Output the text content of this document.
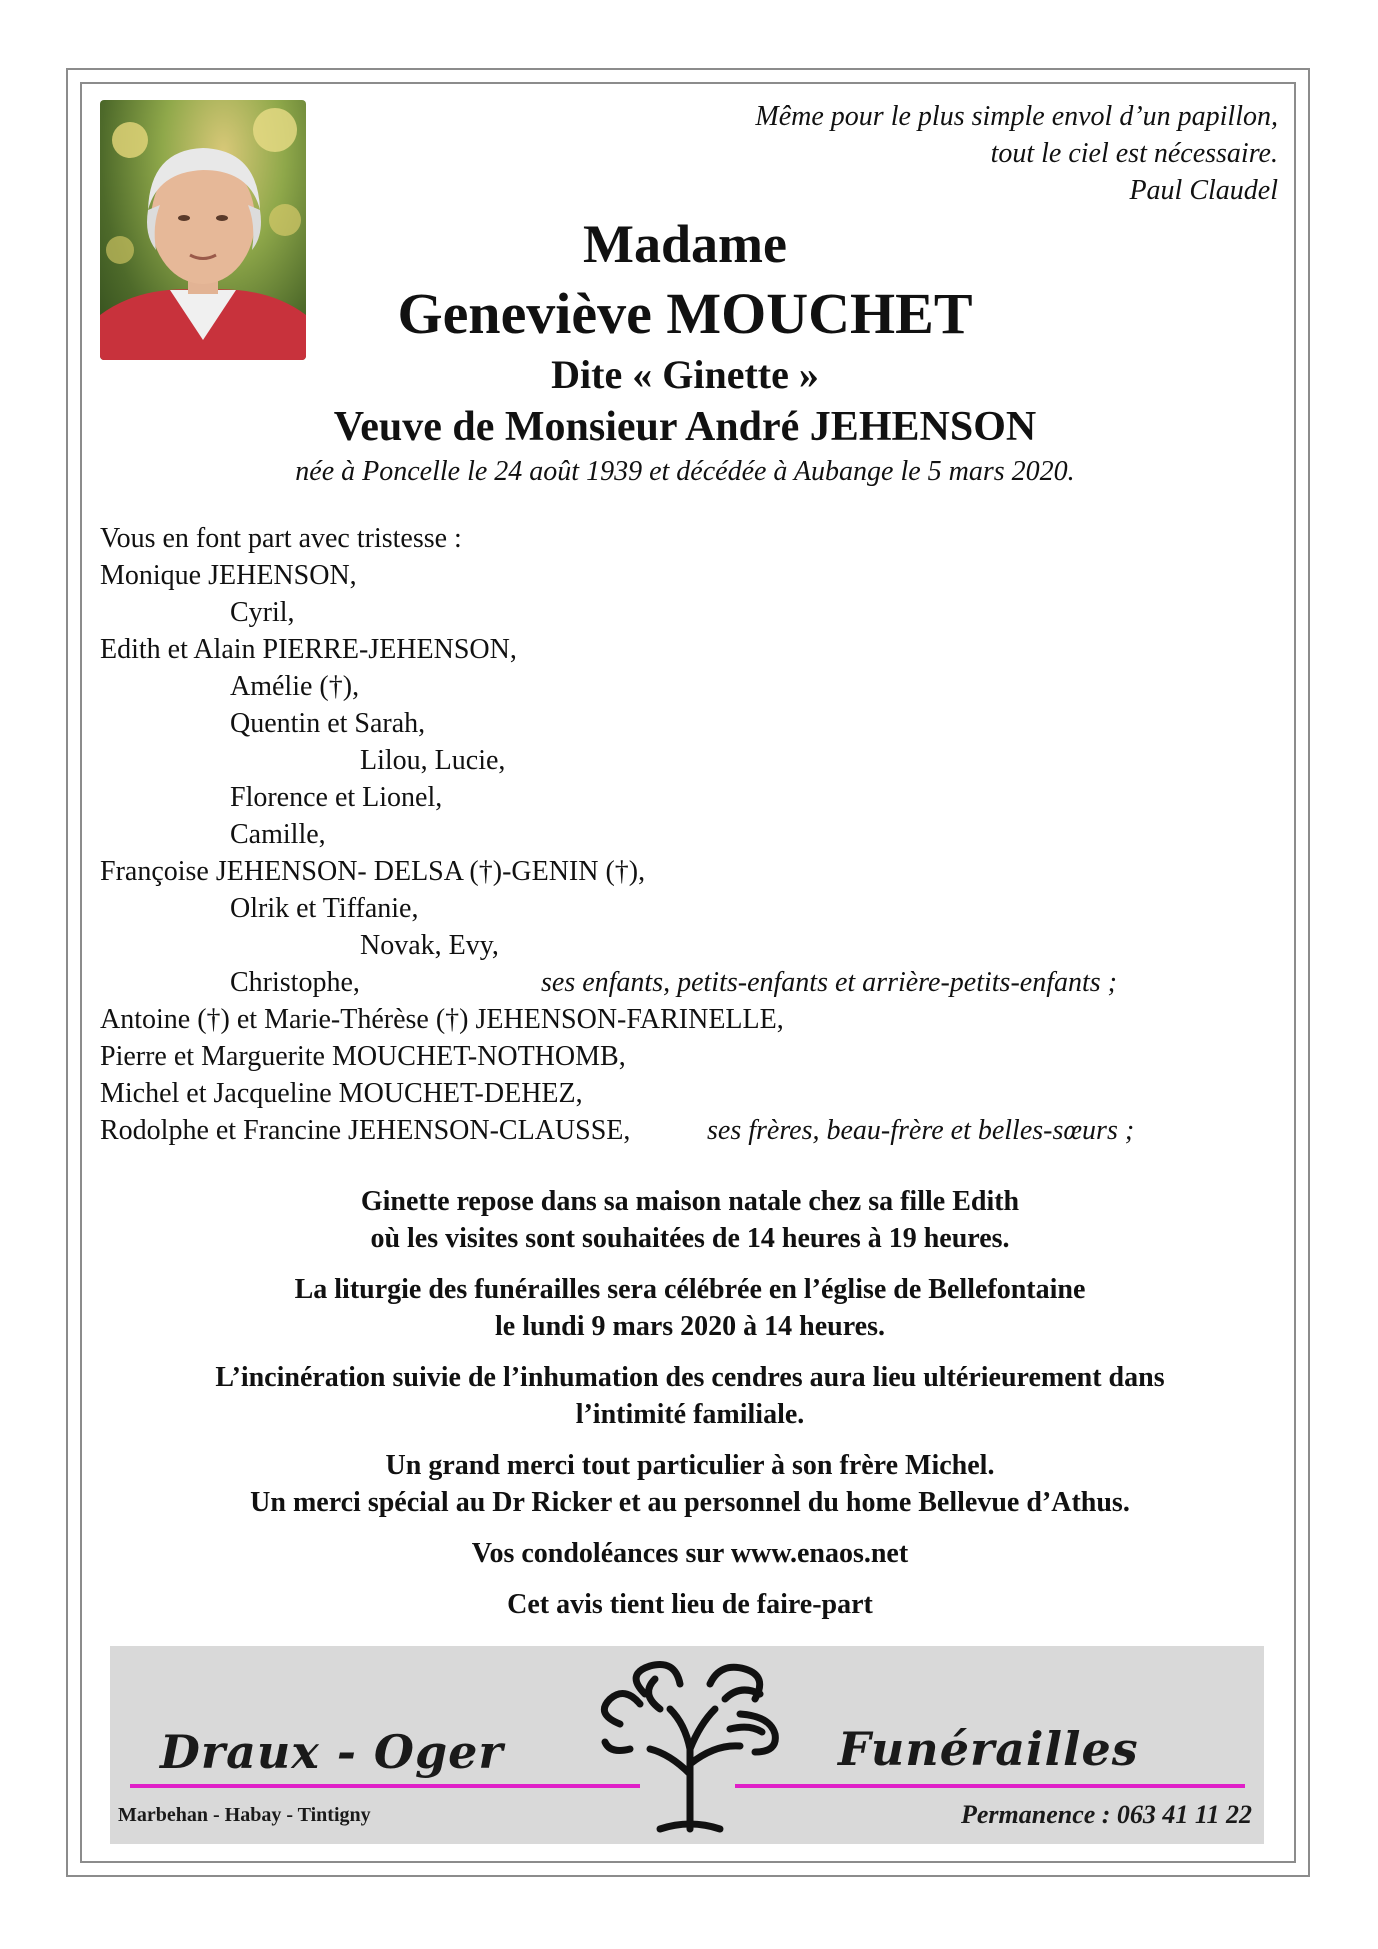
Même pour le plus simple envol d’un papillon,
tout le ciel est nécessaire.
Paul Claudel
Madame
Geneviève MOUCHET
Dite « Ginette »
Veuve de Monsieur André JEHENSON
née à Poncelle le 24 août 1939 et décédée à Aubange le 5 mars 2020.
Vous en font part avec tristesse :
Monique JEHENSON,
Cyril,
Edith et Alain PIERRE-JEHENSON,
Amélie (†),
Quentin et Sarah,
Lilou, Lucie,
Florence et Lionel,
Camille,
Françoise JEHENSON- DELSA (†)-GENIN (†),
Olrik et Tiffanie,
Novak, Evy,
Christophe,	ses enfants, petits-enfants et arrière-petits-enfants ;
Antoine (†) et Marie-Thérèse (†) JEHENSON-FARINELLE,
Pierre et Marguerite MOUCHET-NOTHOMB,
Michel et Jacqueline MOUCHET-DEHEZ,
Rodolphe et Francine JEHENSON-CLAUSSE,	ses frères, beau-frère et belles-sœurs ;

Ginette repose dans sa maison natale chez sa fille Edith
où les visites sont souhaitées de 14 heures à 19 heures.

La liturgie des funérailles sera célébrée en l’église de Bellefontaine
le lundi 9 mars 2020 à 14 heures.

L’incinération suivie de l’inhumation des cendres aura lieu ultérieurement dans
l’intimité familiale.

Un grand merci tout particulier à son frère Michel.
Un merci spécial au Dr Ricker et au personnel du home Bellevue d’Athus.

Vos condoléances sur www.enaos.net

Cet avis tient lieu de faire-part

Draux - Oger	Funérailles
Marbehan - Habay - Tintigny	Permanence : 063 41 11 22
